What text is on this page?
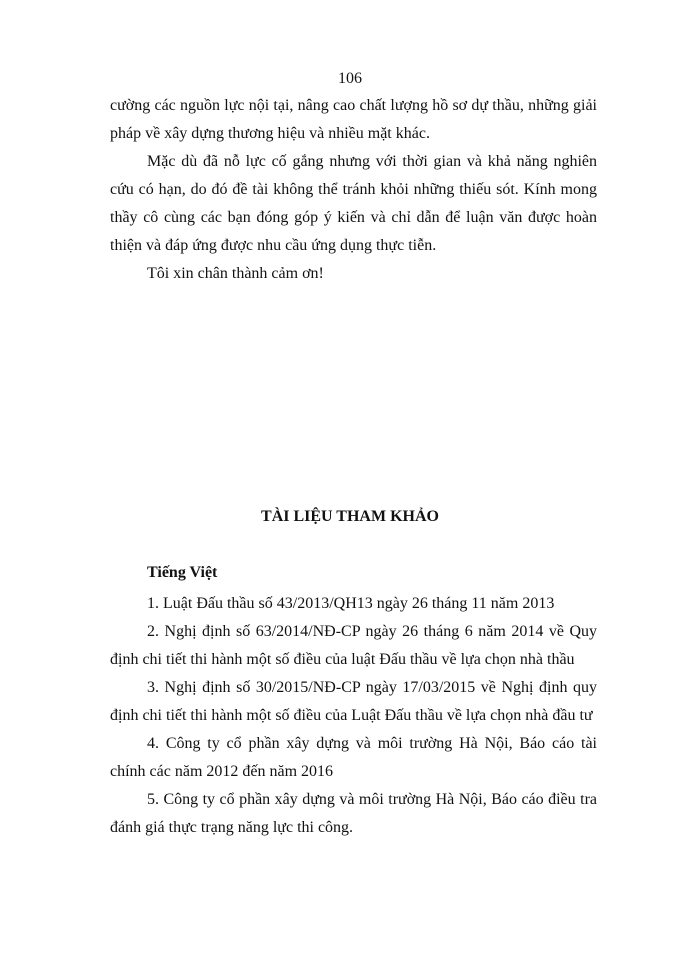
106

cường các nguồn lực nội tại, nâng cao chất lượng hồ sơ dự thầu, những giải pháp về xây dựng thương hiệu và nhiều mặt khác.

Mặc dù đã nỗ lực cố gắng nhưng với thời gian và khả năng nghiên cứu có hạn, do đó đề tài không thể tránh khỏi những thiếu sót. Kính mong thầy cô cùng các bạn đóng góp ý kiến và chỉ dẫn để luận văn được hoàn thiện và đáp ứng được nhu cầu ứng dụng thực tiễn.

Tôi xin chân thành cảm ơn!

TÀI LIỆU THAM KHẢO
Tiếng Việt

1. Luật Đấu thầu số 43/2013/QH13 ngày 26 tháng 11 năm 2013

2. Nghị định số 63/2014/NĐ-CP ngày 26 tháng 6 năm 2014 về Quy định chi tiết thi hành một số điều của luật Đấu thầu về lựa chọn nhà thầu

3. Nghị định số 30/2015/NĐ-CP ngày 17/03/2015 về Nghị định quy định chi tiết thi hành một số điều của Luật Đấu thầu về lựa chọn nhà đầu tư

4. Công ty cổ phần xây dựng và môi trường Hà Nội, Báo cáo tài chính các năm 2012 đến năm 2016

5. Công ty cổ phần xây dựng và môi trường Hà Nội, Báo cáo điều tra đánh giá thực trạng năng lực thi công.
